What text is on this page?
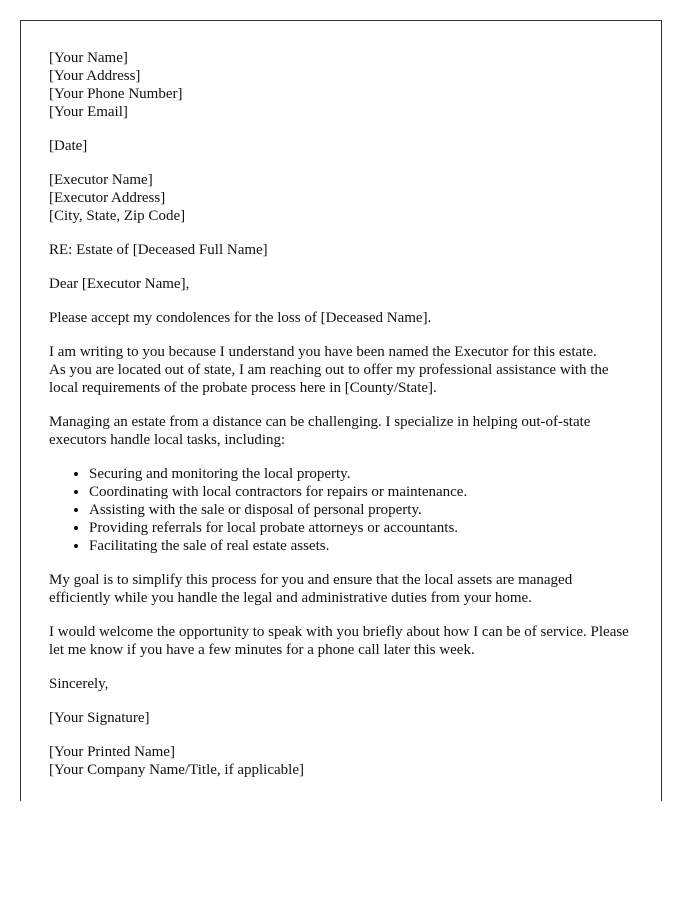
[Your Name]
[Your Address]
[Your Phone Number]
[Your Email]

[Date]

[Executor Name]
[Executor Address]
[City, State, Zip Code]

RE: Estate of [Deceased Full Name]

Dear [Executor Name],

Please accept my condolences for the loss of [Deceased Name].

I am writing to you because I understand you have been named the Executor for this estate. As you are located out of state, I am reaching out to offer my professional assistance with the local requirements of the probate process here in [County/State].

Managing an estate from a distance can be challenging. I specialize in helping out-of-state executors handle local tasks, including:

• Securing and monitoring the local property.
• Coordinating with local contractors for repairs or maintenance.
• Assisting with the sale or disposal of personal property.
• Providing referrals for local probate attorneys or accountants.
• Facilitating the sale of real estate assets.

My goal is to simplify this process for you and ensure that the local assets are managed efficiently while you handle the legal and administrative duties from your home.

I would welcome the opportunity to speak with you briefly about how I can be of service. Please let me know if you have a few minutes for a phone call later this week.

Sincerely,

[Your Signature]

[Your Printed Name]
[Your Company Name/Title, if applicable]
